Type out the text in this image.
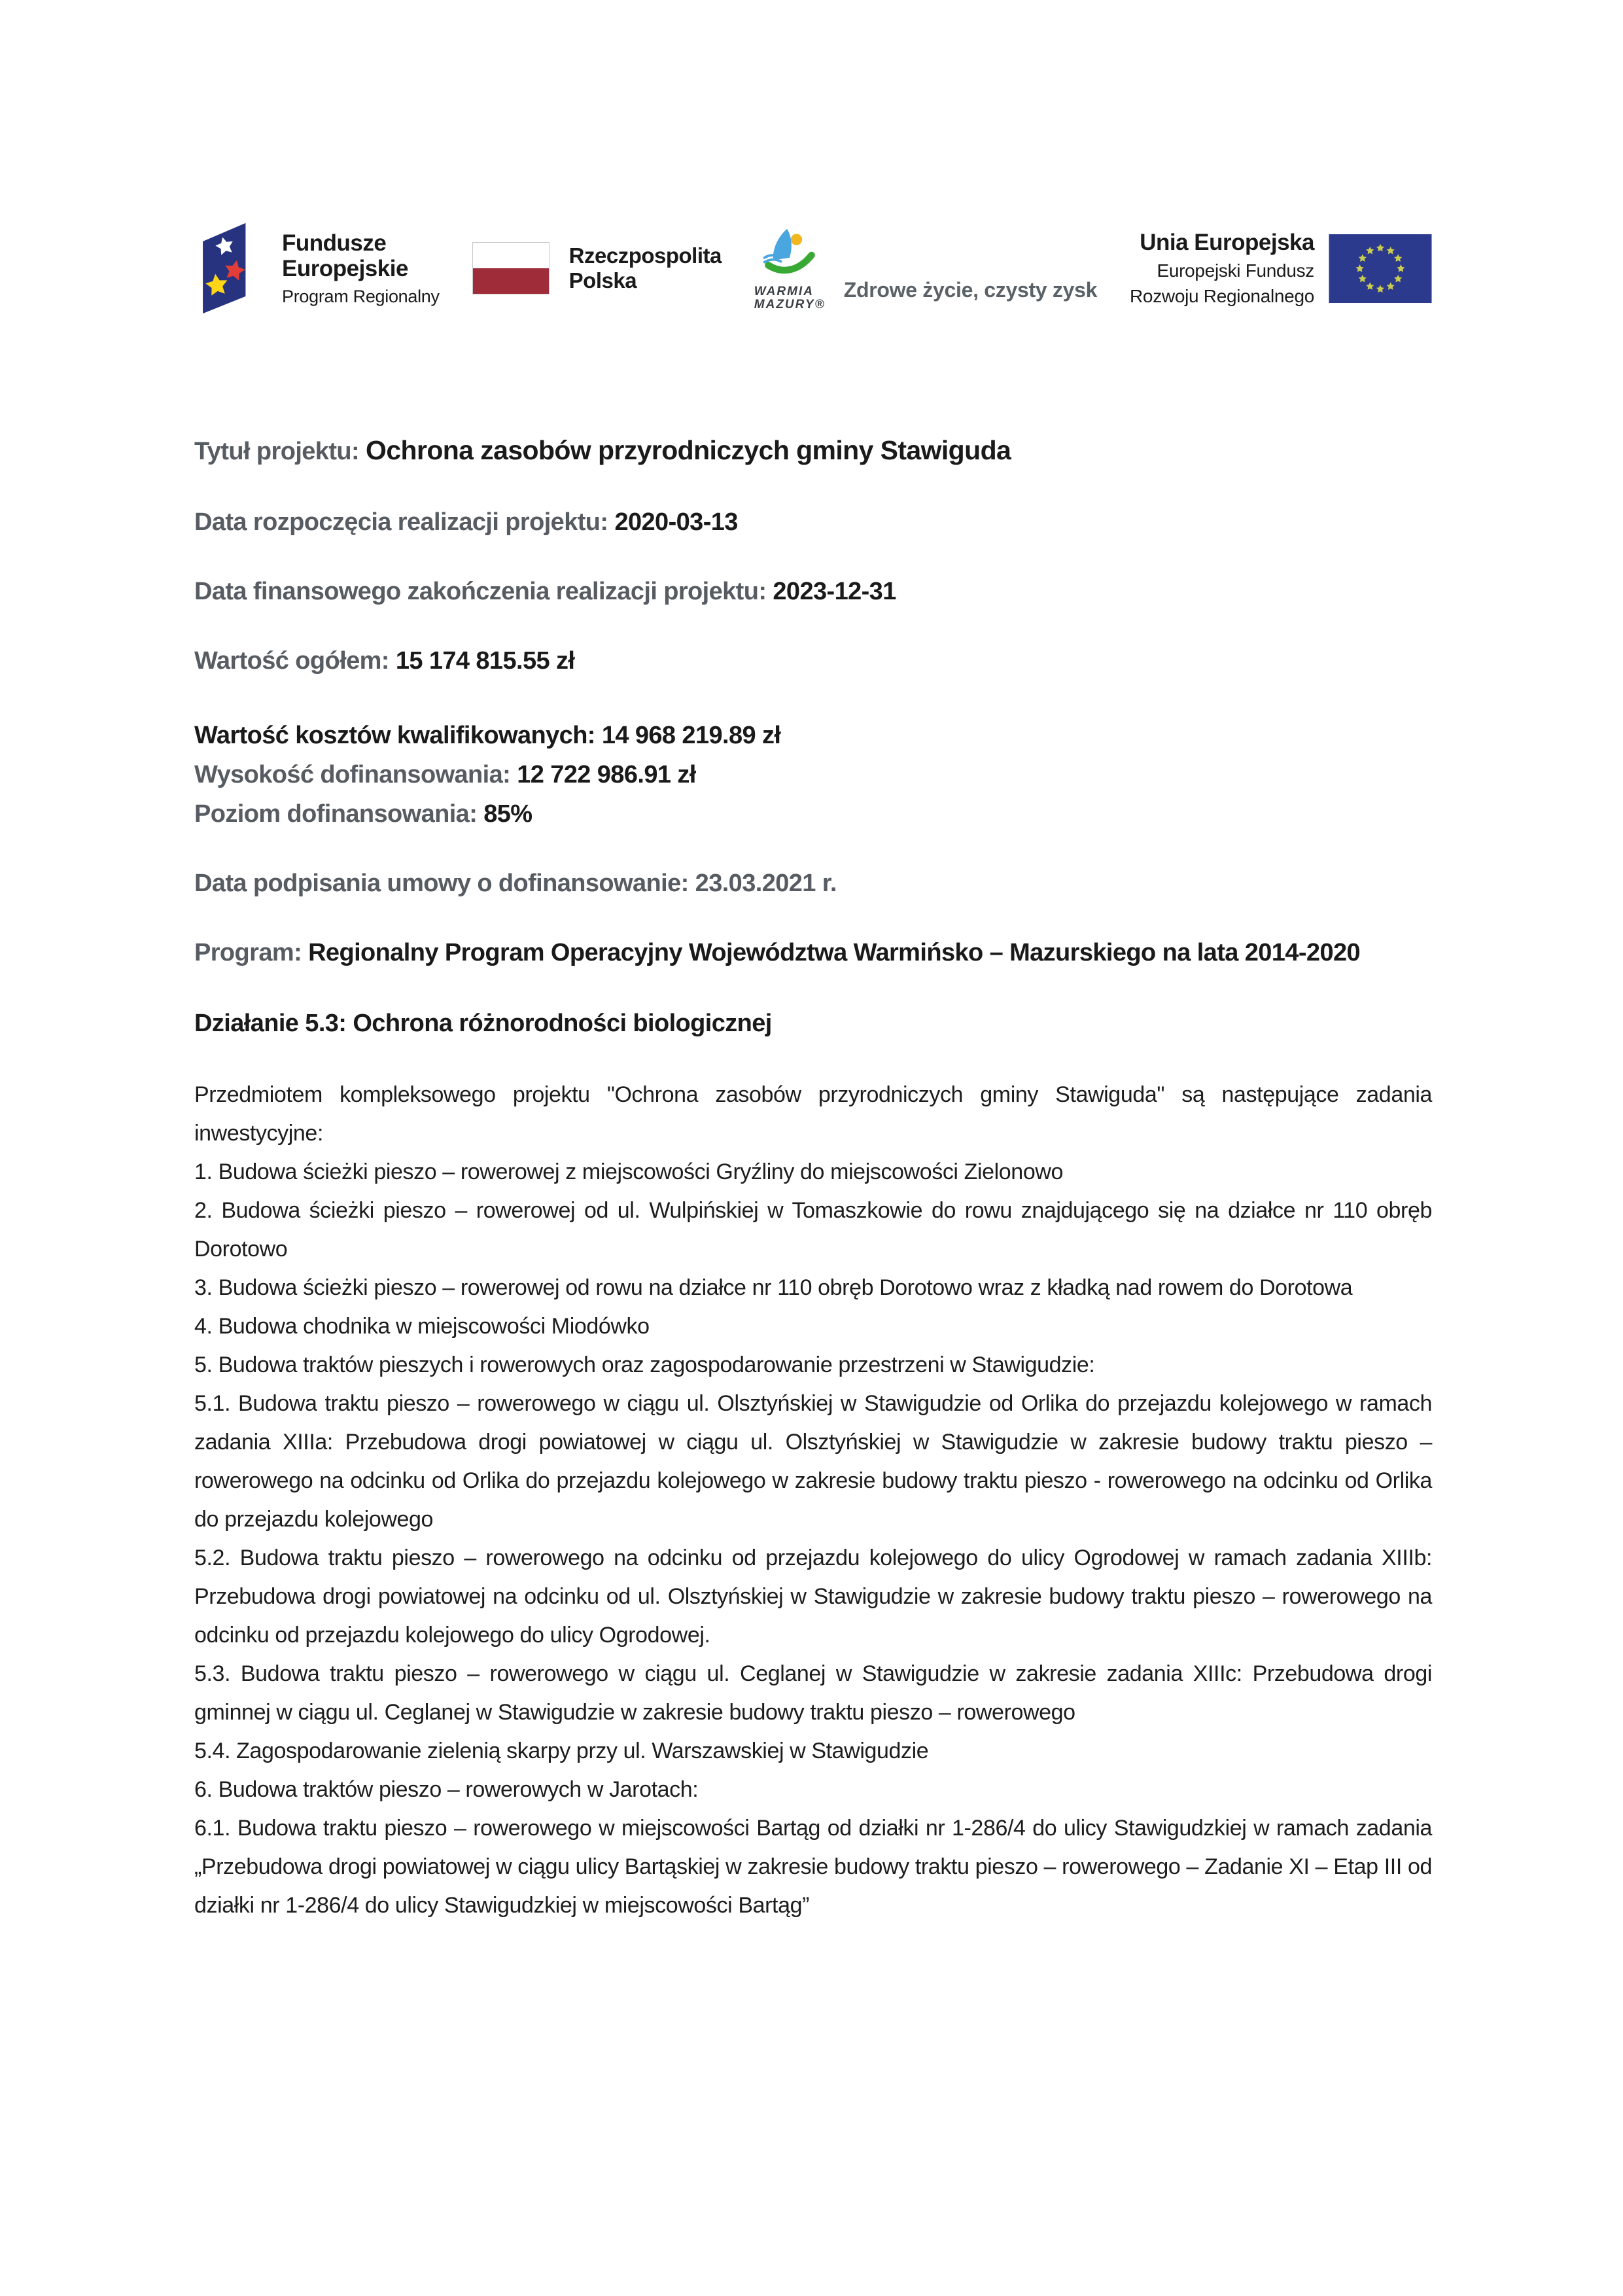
Fundusze
Europejskie
Program Regionalny
Rzeczpospolita
Polska	WARMIA
MAZURY®
Zdrowe życie, czysty zysk
Unia Europejska
Europejski Fundusz
Rozwoju Regionalnego

Tytuł projektu: Ochrona zasobów przyrodniczych gminy Stawiguda

Data rozpoczęcia realizacji projektu: 2020-03-13

Data finansowego zakończenia realizacji projektu: 2023-12-31

Wartość ogółem: 15 174 815.55 zł

Wartość kosztów kwalifikowanych: 14 968 219.89 zł

Wysokość dofinansowania: 12 722 986.91 zł

Poziom dofinansowania: 85%

Data podpisania umowy o dofinansowanie: 23.03.2021 r.

Program: Regionalny Program Operacyjny Województwa Warmińsko – Mazurskiego na lata 2014-2020

Działanie 5.3: Ochrona różnorodności biologicznej

Przedmiotem kompleksowego projektu "Ochrona zasobów przyrodniczych gminy Stawiguda" są następujące zadania inwestycyjne:

1. Budowa ścieżki pieszo – rowerowej z miejscowości Gryźliny do miejscowości Zielonowo

2. Budowa ścieżki pieszo – rowerowej od ul. Wulpińskiej w Tomaszkowie do rowu znajdującego się na działce nr 110 obręb Dorotowo

3. Budowa ścieżki pieszo – rowerowej od rowu na działce nr 110 obręb Dorotowo wraz z kładką nad rowem do Dorotowa

4. Budowa chodnika w miejscowości Miodówko

5. Budowa traktów pieszych i rowerowych oraz zagospodarowanie przestrzeni w Stawigudzie:

5.1. Budowa traktu pieszo – rowerowego w ciągu ul. Olsztyńskiej w Stawigudzie od Orlika do przejazdu kolejowego w ramach zadania XIIIa: Przebudowa drogi powiatowej w ciągu ul. Olsztyńskiej w Stawigudzie w zakresie budowy traktu pieszo – rowerowego na odcinku od Orlika do przejazdu kolejowego w zakresie budowy traktu pieszo - rowerowego na odcinku od Orlika do przejazdu kolejowego

5.2. Budowa traktu pieszo – rowerowego na odcinku od przejazdu kolejowego do ulicy Ogrodowej w ramach zadania XIIIb: Przebudowa drogi powiatowej na odcinku od ul. Olsztyńskiej w Stawigudzie w zakresie budowy traktu pieszo – rowerowego na odcinku od przejazdu kolejowego do ulicy Ogrodowej.

5.3. Budowa traktu pieszo – rowerowego w ciągu ul. Ceglanej w Stawigudzie w zakresie zadania XIIIc: Przebudowa drogi gminnej w ciągu ul. Ceglanej w Stawigudzie w zakresie budowy traktu pieszo – rowerowego

5.4. Zagospodarowanie zielenią skarpy przy ul. Warszawskiej w Stawigudzie

6. Budowa traktów pieszo – rowerowych w Jarotach:

6.1. Budowa traktu pieszo – rowerowego w miejscowości Bartąg od działki nr 1-286/4 do ulicy Stawigudzkiej w ramach zadania „Przebudowa drogi powiatowej w ciągu ulicy Bartąskiej w zakresie budowy traktu pieszo – rowerowego – Zadanie XI – Etap III od działki nr 1-286/4 do ulicy Stawigudzkiej w miejscowości Bartąg”
